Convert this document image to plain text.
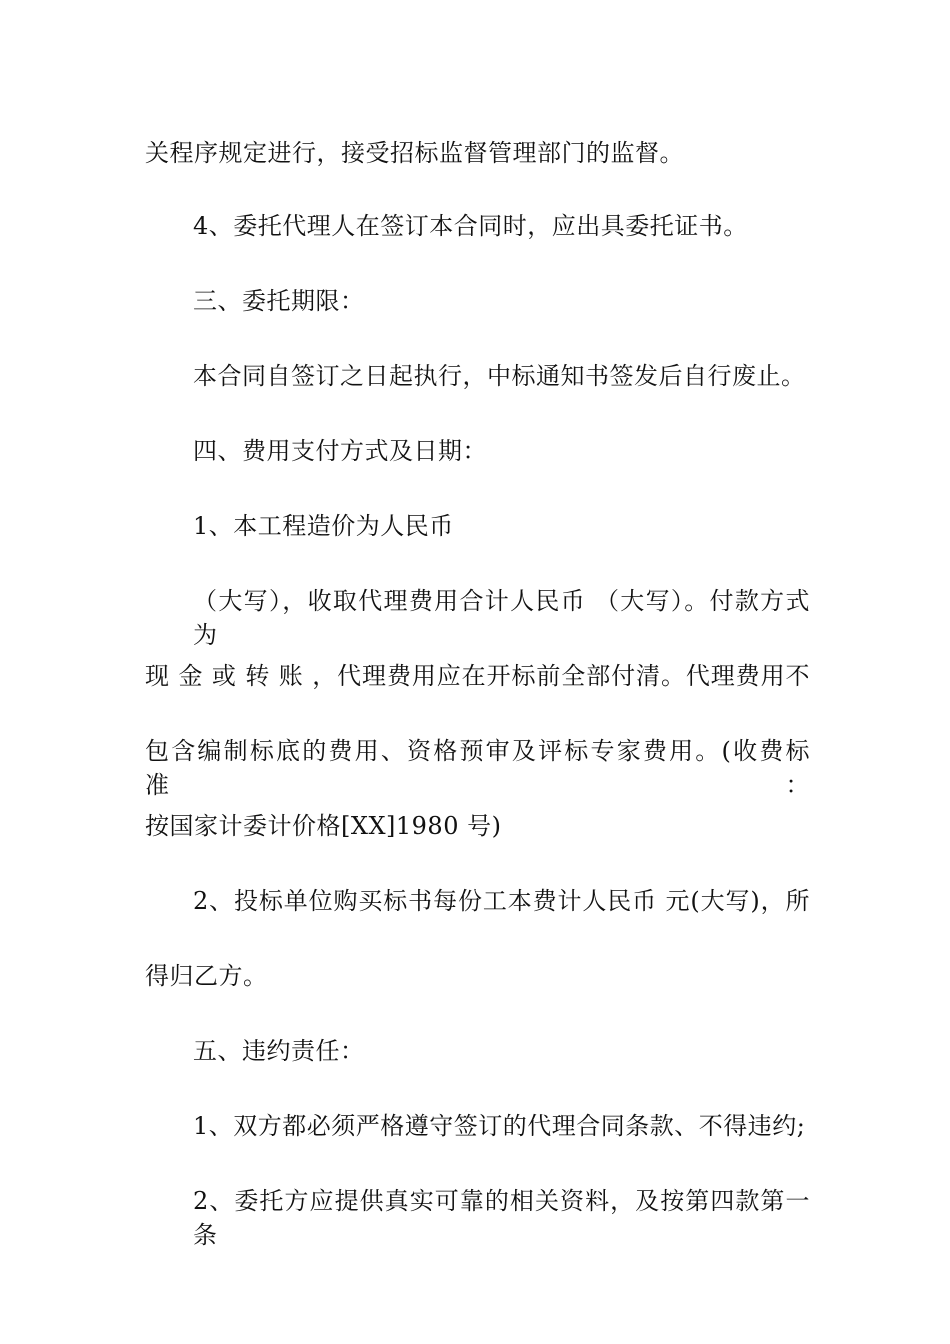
关程序规定进行，接受招标监督管理部门的监督。
4、委托代理人在签订本合同时，应出具委托证书。
三、委托期限：
本合同自签订之日起执行，中标通知书签发后自行废止。
四、费用支付方式及日期：
1、本工程造价为人民币
（大写），收取代理费用合计人民币 （大写）。付款方式为
现 金 或 转 账 ，代理费用应在开标前全部付清。代理费用不
包含编制标底的费用、资格预审及评标专家费用。(收费标准：
按国家计委计价格[XX]1980 号)
2、投标单位购买标书每份工本费计人民币 元(大写)，所
得归乙方。
五、违约责任：
1、双方都必须严格遵守签订的代理合同条款、不得违约;
2、委托方应提供真实可靠的相关资料，及按第四款第一条
